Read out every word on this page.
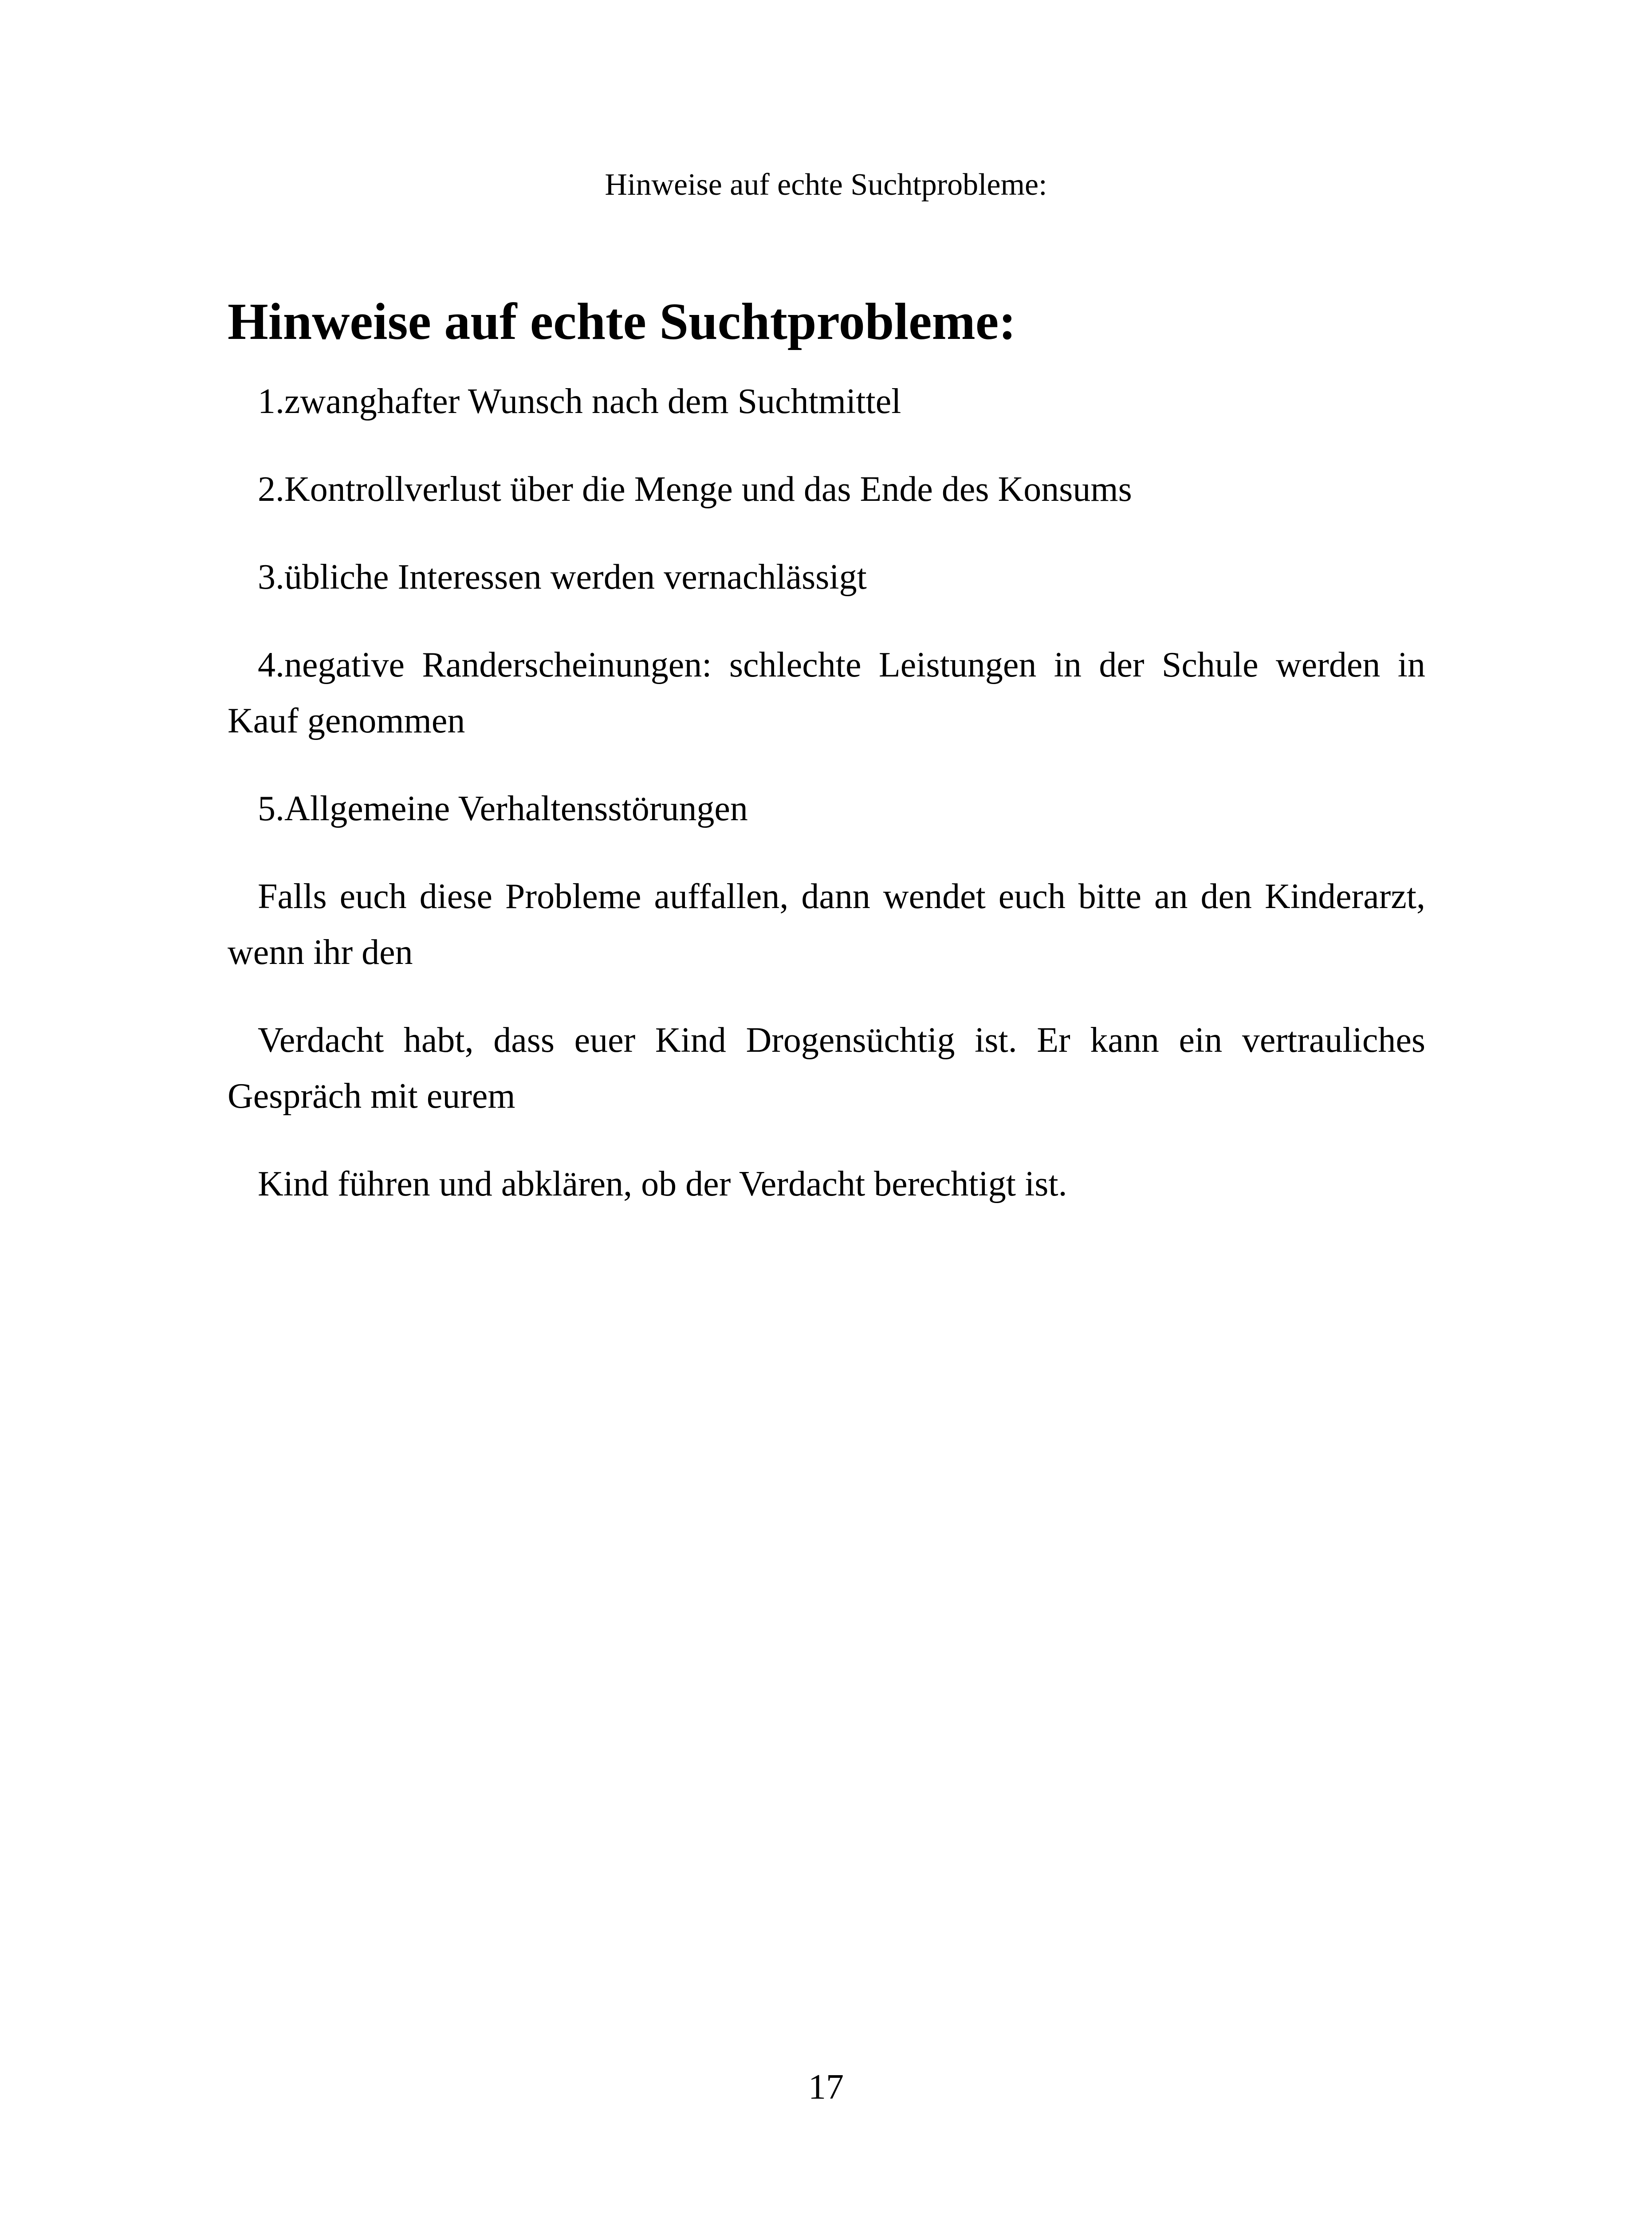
Hinweise auf echte Suchtprobleme:
Hinweise auf echte Suchtprobleme:

1.zwanghafter Wunsch nach dem Suchtmittel

2.Kontrollverlust über die Menge und das Ende des Konsums

3.übliche Interessen werden vernachlässigt

4.negative Randerscheinungen: schlechte Leistungen in der Schule werden in Kauf genommen

5.Allgemeine Verhaltensstörungen

Falls euch diese Probleme auffallen, dann wendet euch bitte an den Kinderarzt, wenn ihr den

Verdacht habt, dass euer Kind Drogensüchtig ist. Er kann ein vertrauliches Gespräch mit eurem

Kind führen und abklären, ob der Verdacht berechtigt ist.

17
